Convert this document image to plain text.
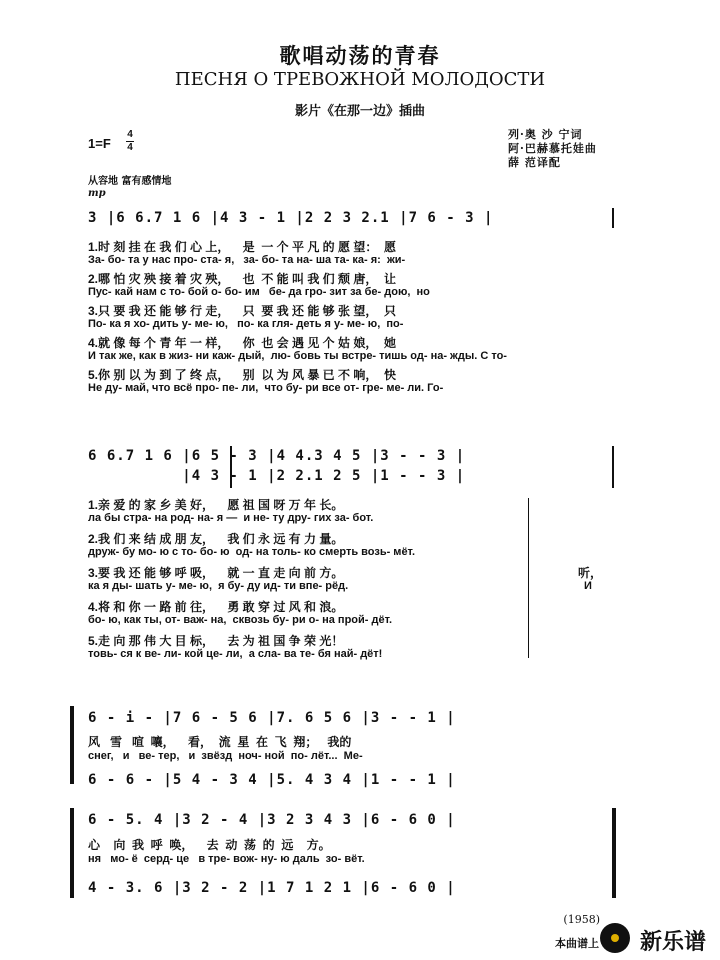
歌唱动荡的青春
ПЕСНЯ О ТРЕВОЖНОЙ МОЛОДОСТИ
影片《在那一边》插曲
列·奥 沙 宁词
阿·巴赫慕托娃曲
薛 范译配
1=F
4
4
从容地 富有感情地
mp
3 |6 6.7 1 6 |4 3 - 1 |2 2 3 2.1 |7 6 - 3 |
1.时 刻 挂 在 我 们 心 上，    是  一 个 平 凡 的 愿 望：  愿
За- бо- та у нас про- ста- я,   за- бо- та на- ша та- ка- я:  жи-
2.哪 怕 灾 殃 接 着 灾 殃，    也  不 能 叫 我 们 颓 唐，  让
Пус- кай нам с то- бой о- бо- им   бе- да гро- зит за бе- дою,  но
3.只 要 我 还 能 够 行 走，    只  要 我 还 能 够 张 望，  只
По- ка я хо- дить у- ме- ю,   по- ка гля- деть я у- ме- ю,  по-
4.就 像 每 个 青 年 一 样，    你  也 会 遇 见 个 姑 娘，  她
И так же, как в жиз- ни каж- дый,  лю- бовь ты встре- тишь од- на- жды. С то-
5.你 别 以 为 到 了 终 点，    别  以 为 风 暴 已 不 响，  快
Не ду- май, что всё про- пе- ли,  что бу- ри все от- гре- ме- ли. Го-
6 6.7 1 6 |6 5 - 3 |4 4.3 4 5 |3 - - 3 |
|4 3 - 1 |2 2.1 2 5 |1 - - 3 |
1.亲 爱 的 家 乡 美 好，    愿 祖 国 呀 万 年 长。
ла бы стра- на род- на- я —  и не- ту дру- гих за- бот.
2.我 们 来 结 成 朋 友，    我 们 永 远 有 力 量。
друж- бу мо- ю с то- бо- ю  од- на толь- ко смерть возь- мёт.
3.要 我 还 能 够 呼 吸，    就 一 直 走 向 前 方。
ка я ды- шать у- ме- ю,  я бу- ду ид- ти впе- рёд.
4.将 和 你 一 路 前 往，    勇 敢 穿 过 风 和 浪。
бо- ю, как ты, от- важ- на,  сквозь бу- ри о- на прой- дёт.
5.走 向 那 伟 大 目 标，    去 为 祖 国 争 荣 光！
товь- ся к ве- ли- кой це- ли,  а сла- ва те- бя най- дёт!
听，
И
6 - i - |7 6 - 5 6 |7. 6 5 6 |3 - - 1 |
风   雪   喧  嚷，    看，  流  星  在  飞  翔；   我的
снег,   и   ве- тер,   и  звёзд  ноч- ной  по- лёт...  Ме-
6 - 6 - |5 4 - 3 4 |5. 4 3 4 |1 - - 1 |
6 - 5. 4 |3 2 - 4 |3 2 3 4 3 |6 - 6 0 |
心    向  我  呼  唤，    去  动  荡  的  远    方。
ня   мо- ё  серд- це   в тре- вож- ну- ю даль  зо- вёт.
4 - 3. 6 |3 2 - 2 |1 7 1 2 1 |6 - 6 0 |
(1958)
本曲谱上 新乐谱
